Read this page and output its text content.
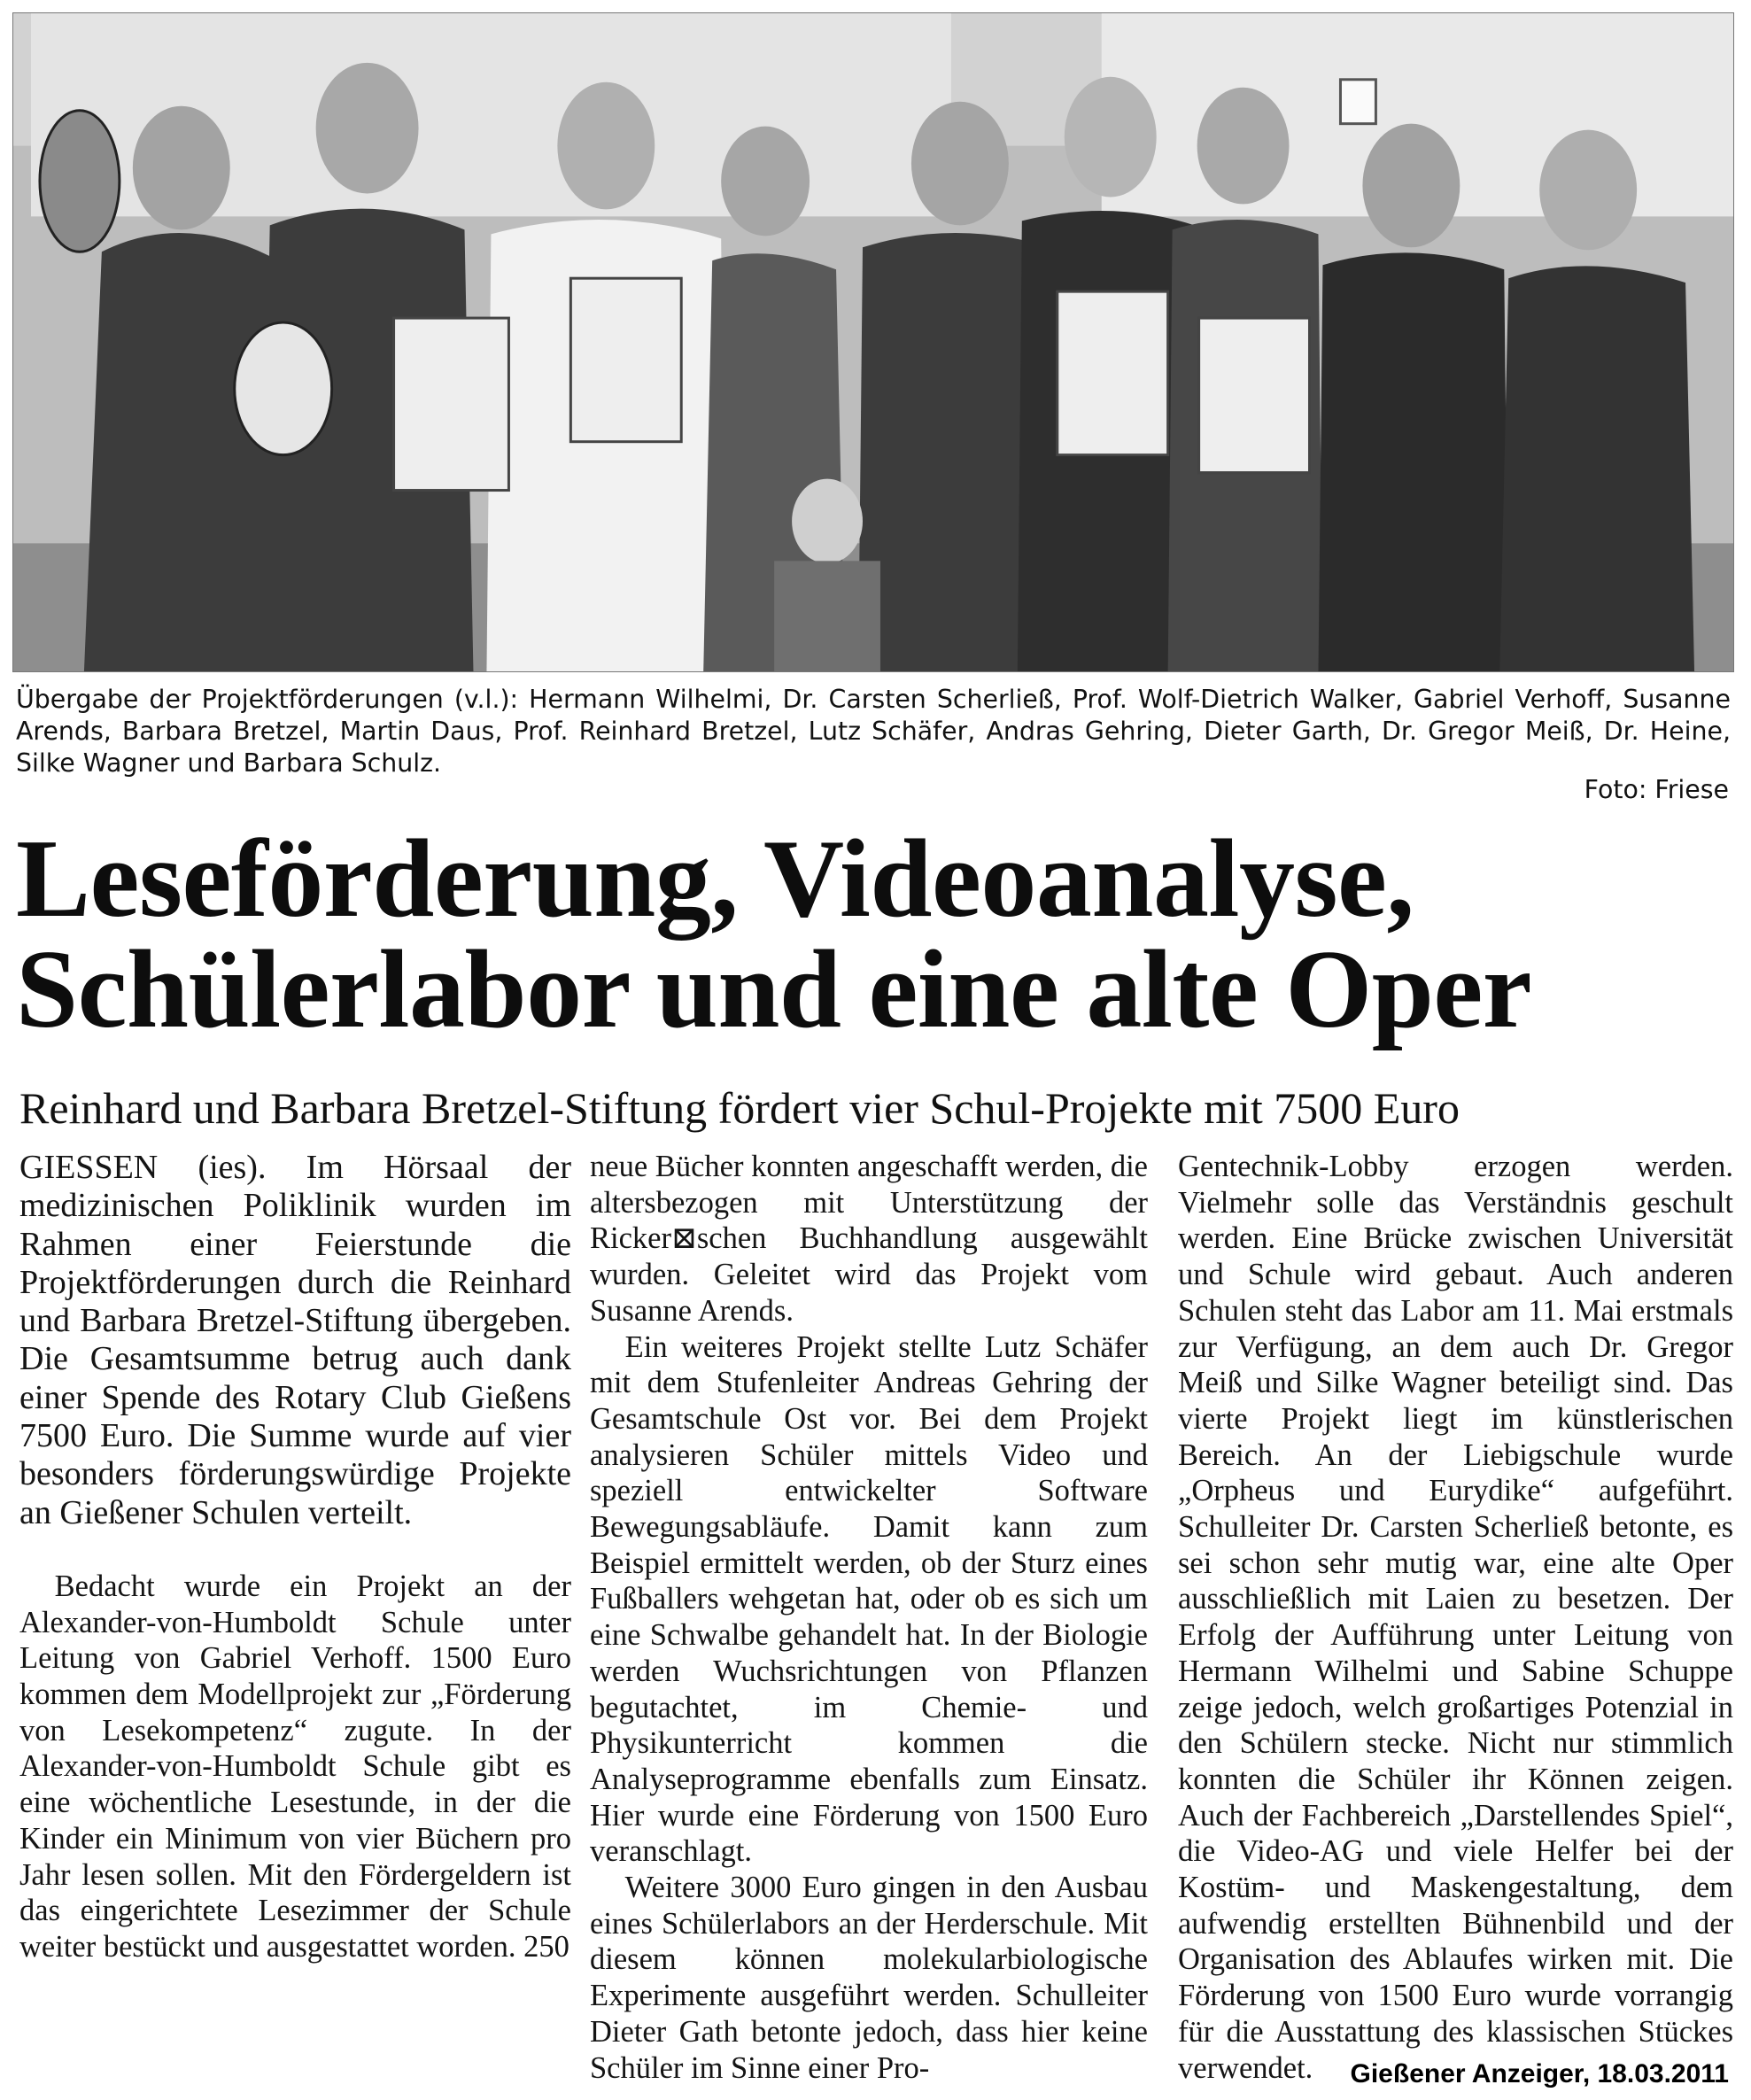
Übergabe der Projektförderungen (v.l.): Hermann Wilhelmi, Dr. Carsten Scherließ, Prof. Wolf-Dietrich Walker, Gabriel Verhoff, Susanne Arends, Barbara Bretzel, Martin Daus, Prof. Reinhard Bretzel, Lutz Schäfer, Andras Gehring, Dieter Garth, Dr. Gregor Meiß, Dr. Heine, Silke Wagner und Barbara Schulz.
Foto: Friese
Leseförderung, Videoanalyse,
Schülerlabor und eine alte Oper
Reinhard und Barbara Bretzel-Stiftung fördert vier Schul-Projekte mit 7500 Euro

GIESSEN (ies). Im Hörsaal der medizinischen Poliklinik wurden im Rahmen einer Feierstunde die Projektförderungen durch die Reinhard und Barbara Bretzel-Stiftung übergeben. Die Gesamtsumme betrug auch dank einer Spende des Rotary Club Gießens 7500 Euro. Die Summe wurde auf vier besonders förderungswürdige Projekte an Gießener Schulen verteilt.

Bedacht wurde ein Projekt an der Alexander-von-Humboldt Schule unter Leitung von Gabriel Verhoff. 1500 Euro kommen dem Modellprojekt zur „Förderung von Lesekompetenz“ zugute. In der Alexander-von-Humboldt Schule gibt es eine wöchentliche Lesestunde, in der die Kinder ein Minimum von vier Büchern pro Jahr lesen sollen. Mit den Fördergeldern ist das eingerichtete Lesezimmer der Schule weiter bestückt und ausgestattet worden. 250

neue Bücher konnten angeschafft werden, die altersbezogen mit Unterstützung der Ricker⊠schen Buchhandlung ausgewählt wurden. Geleitet wird das Projekt vom Susanne Arends.

Ein weiteres Projekt stellte Lutz Schäfer mit dem Stufenleiter Andreas Gehring der Gesamtschule Ost vor. Bei dem Projekt analysieren Schüler mittels Video und speziell entwickelter Software Bewegungsabläufe. Damit kann zum Beispiel ermittelt werden, ob der Sturz eines Fußballers wehgetan hat, oder ob es sich um eine Schwalbe gehandelt hat. In der Biologie werden Wuchsrichtungen von Pflanzen begutachtet, im Chemie- und Physikunterricht kommen die Analyseprogramme ebenfalls zum Einsatz. Hier wurde eine Förderung von 1500 Euro veranschlagt.

Weitere 3000 Euro gingen in den Ausbau eines Schülerlabors an der Herderschule. Mit diesem können molekularbiologische Experimente ausgeführt werden. Schulleiter Dieter Gath betonte jedoch, dass hier keine Schüler im Sinne einer Pro-

Gentechnik-Lobby erzogen werden. Vielmehr solle das Verständnis geschult werden. Eine Brücke zwischen Universität und Schule wird gebaut. Auch anderen Schulen steht das Labor am 11. Mai erstmals zur Verfügung, an dem auch Dr. Gregor Meiß und Silke Wagner beteiligt sind. Das vierte Projekt liegt im künstlerischen Bereich. An der Liebigschule wurde „Orpheus und Eurydike“ aufgeführt. Schulleiter Dr. Carsten Scherließ betonte, es sei schon sehr mutig war, eine alte Oper ausschließlich mit Laien zu besetzen. Der Erfolg der Aufführung unter Leitung von Hermann Wilhelmi und Sabine Schuppe zeige jedoch, welch großartiges Potenzial in den Schülern stecke. Nicht nur stimmlich konnten die Schüler ihr Können zeigen. Auch der Fachbereich „Darstellendes Spiel“, die Video-AG und viele Helfer bei der Kostüm- und Maskengestaltung, dem aufwendig erstellten Bühnenbild und der Organisation des Ablaufes wirken mit. Die Förderung von 1500 Euro wurde vorrangig für die Ausstattung des klassischen Stückes verwendet.	Gießener Anzeiger, 18.03.2011
